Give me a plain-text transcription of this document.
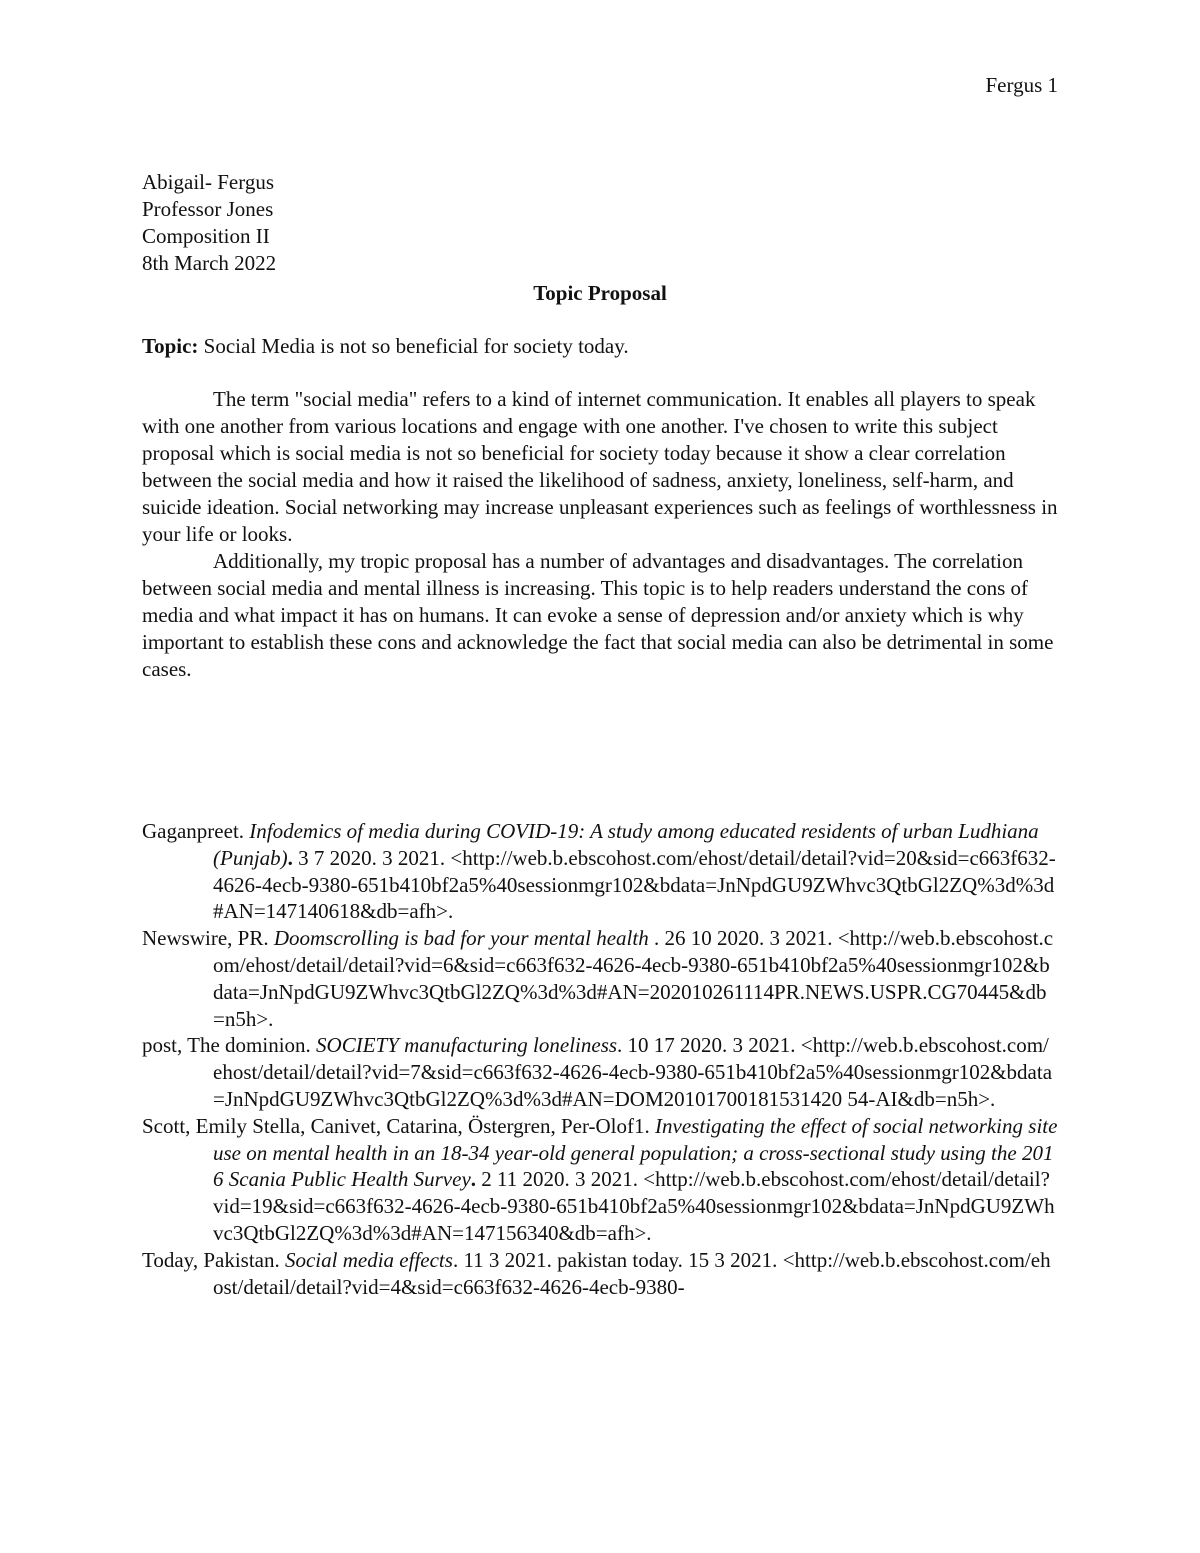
Fergus 1
Abigail- Fergus
Professor Jones
Composition II
8th March 2022
Topic Proposal
Topic: Social Media is not so beneficial for society today.

The term "social media" refers to a kind of internet communication. It enables all players to speak with one another from various locations and engage with one another. I've chosen to write this subject proposal which is social media is not so beneficial for society today because it show a clear correlation between the social media and how it raised the likelihood of sadness, anxiety, loneliness, self-harm, and suicide ideation. Social networking may increase unpleasant experiences such as feelings of worthlessness in your life or looks.

Additionally, my tropic proposal has a number of advantages and disadvantages. The correlation between social media and mental illness is increasing. This topic is to help readers understand the cons of media and what impact it has on humans. It can evoke a sense of depression and/or anxiety which is why important to establish these cons and acknowledge the fact that social media can also be detrimental in some cases.

Gaganpreet. Infodemics of media during COVID-19: A study among educated residents of urban Ludhiana (Punjab). 3 7 2020. 3 2021. <http://web.b.ebscohost.com/ehost/detail/detail?vid=20&sid=c663f632-4626-4ecb-9380-651b410bf2a5%40sessionmgr102&bdata=JnNpdGU9ZWhvc3QtbGl2ZQ%3d%3d#AN=147140618&db=afh>.

Newswire, PR. Doomscrolling is bad for your mental health . 26 10 2020. 3 2021. <http://web.b.ebscohost.com/ehost/detail/detail?vid=6&sid=c663f632-4626-4ecb-9380-651b410bf2a5%40sessionmgr102&bdata=JnNpdGU9ZWhvc3QtbGl2ZQ%3d%3d#AN=202010261114PR.NEWS.USPR.CG70445&db=n5h>.

post, The dominion. SOCIETY manufacturing loneliness. 10 17 2020. 3 2021. <http://web.b.ebscohost.com/ehost/detail/detail?vid=7&sid=c663f632-4626-4ecb-9380-651b410bf2a5%40sessionmgr102&bdata=JnNpdGU9ZWhvc3QtbGl2ZQ%3d%3d#AN=DOM20101700181531420 54-AI&db=n5h>.

Scott, Emily Stella, Canivet, Catarina, Östergren, Per-Olof1. Investigating the effect of social networking site use on mental health in an 18-34 year-old general population; a cross-sectional study using the 2016 Scania Public Health Survey. 2 11 2020. 3 2021. <http://web.b.ebscohost.com/ehost/detail/detail?vid=19&sid=c663f632-4626-4ecb-9380-651b410bf2a5%40sessionmgr102&bdata=JnNpdGU9ZWhvc3QtbGl2ZQ%3d%3d#AN=147156340&db=afh>.

Today, Pakistan. Social media effects. 11 3 2021. pakistan today. 15 3 2021. <http://web.b.ebscohost.com/ehost/detail/detail?vid=4&sid=c663f632-4626-4ecb-9380-
